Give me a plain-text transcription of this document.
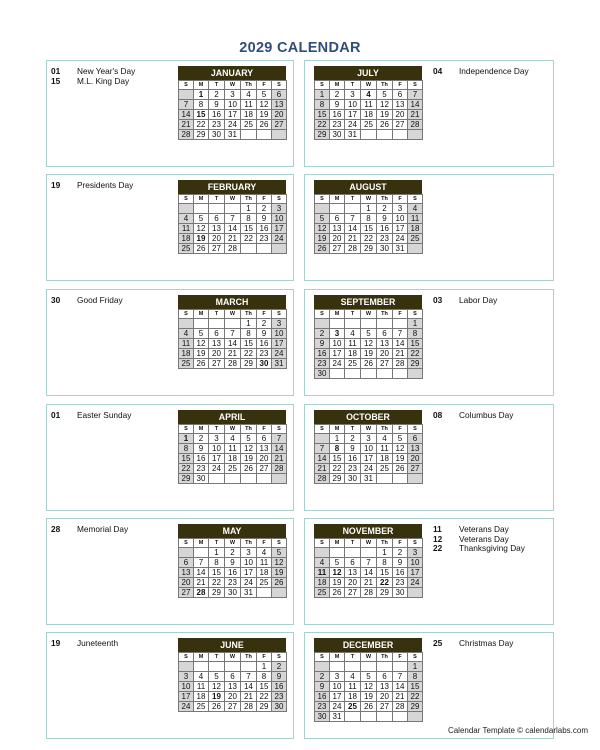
2029 CALENDAR
01	New Year's Day
15	M.L. King Day
JANUARY
S	M	T	W	Th	F	S
	1	2	3	4	5	6
7	8	9	10	11	12	13
14	15	16	17	18	19	20
21	22	23	24	25	26	27
28	29	30	31			
04	Independence Day
JULY
S	M	T	W	Th	F	S
1	2	3	4	5	6	7
8	9	10	11	12	13	14
15	16	17	18	19	20	21
22	23	24	25	26	27	28
29	30	31				
19	Presidents Day	FEBRUARY
S	M	T	W	Th	F	S
				1	2	3
4	5	6	7	8	9	10
11	12	13	14	15	16	17
18	19	20	21	22	23	24
25	26	27	28			
AUGUST
S	M	T	W	Th	F	S
			1	2	3	4
5	6	7	8	9	10	11
12	13	14	15	16	17	18
19	20	21	22	23	24	25
26	27	28	29	30	31	
30	Good Friday	MARCH
S	M	T	W	Th	F	S
				1	2	3
4	5	6	7	8	9	10
11	12	13	14	15	16	17
18	19	20	21	22	23	24
25	26	27	28	29	30	31
03	Labor Day
SEPTEMBER
S	M	T	W	Th	F	S
						1
2	3	4	5	6	7	8
9	10	11	12	13	14	15
16	17	18	19	20	21	22
23	24	25	26	27	28	29
30						
01	Easter Sunday	APRIL
S	M	T	W	Th	F	S
1	2	3	4	5	6	7
8	9	10	11	12	13	14
15	16	17	18	19	20	21
22	23	24	25	26	27	28
29	30					
08	Columbus Day
OCTOBER
S	M	T	W	Th	F	S
	1	2	3	4	5	6
7	8	9	10	11	12	13
14	15	16	17	18	19	20
21	22	23	24	25	26	27
28	29	30	31			
28	Memorial Day	MAY
S	M	T	W	Th	F	S
		1	2	3	4	5
6	7	8	9	10	11	12
13	14	15	16	17	18	19
20	21	22	23	24	25	26
27	28	29	30	31		
11	Veterans Day
12	Veterans Day
22	Thanksgiving Day
NOVEMBER
S	M	T	W	Th	F	S
				1	2	3
4	5	6	7	8	9	10
11	12	13	14	15	16	17
18	19	20	21	22	23	24
25	26	27	28	29	30	
19	Juneteenth	JUNE
S	M	T	W	Th	F	S
					1	2
3	4	5	6	7	8	9
10	11	12	13	14	15	16
17	18	19	20	21	22	23
24	25	26	27	28	29	30
25	Christmas Day
DECEMBER
S	M	T	W	Th	F	S
						1
2	3	4	5	6	7	8
9	10	11	12	13	14	15
16	17	18	19	20	21	22
23	24	25	26	27	28	29
30	31					
Calendar Template © calendarlabs.com
